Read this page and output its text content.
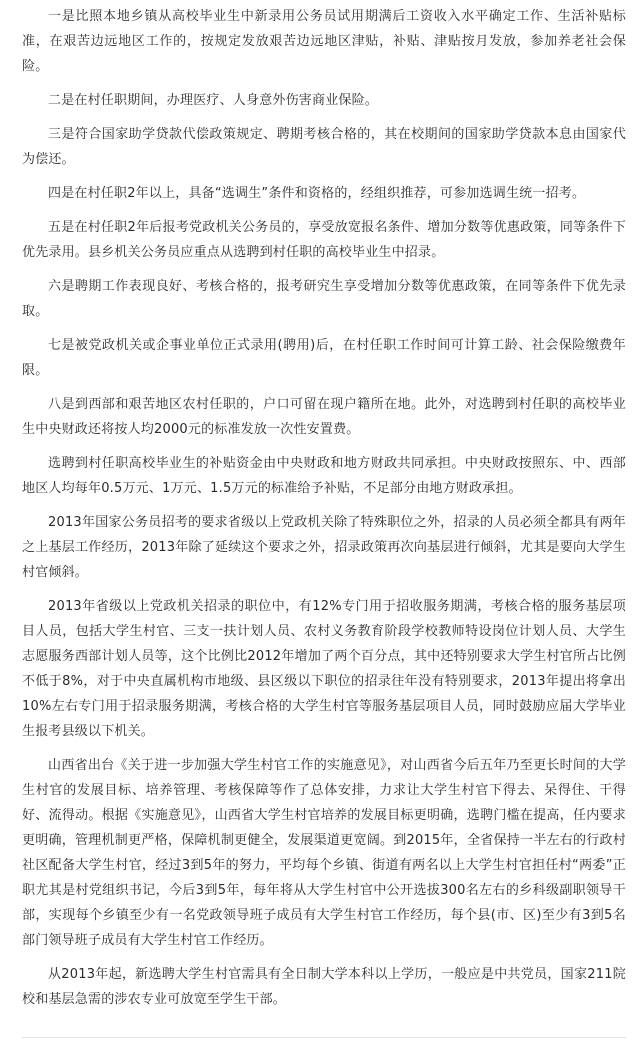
一是比照本地乡镇从高校毕业生中新录用公务员试用期满后工资收入水平确定工作、生活补贴标准，在艰苦边远地区工作的，按规定发放艰苦边远地区津贴，补贴、津贴按月发放，参加养老社会保险。

二是在村任职期间，办理医疗、人身意外伤害商业保险。

三是符合国家助学贷款代偿政策规定、聘期考核合格的，其在校期间的国家助学贷款本息由国家代为偿还。

四是在村任职2年以上，具备“选调生”条件和资格的，经组织推荐，可参加选调生统一招考。

五是在村任职2年后报考党政机关公务员的，享受放宽报名条件、增加分数等优惠政策，同等条件下优先录用。县乡机关公务员应重点从选聘到村任职的高校毕业生中招录。

六是聘期工作表现良好、考核合格的，报考研究生享受增加分数等优惠政策，在同等条件下优先录取。

七是被党政机关或企事业单位正式录用(聘用)后，在村任职工作时间可计算工龄、社会保险缴费年限。

八是到西部和艰苦地区农村任职的，户口可留在现户籍所在地。此外，对选聘到村任职的高校毕业生中央财政还将按人均2000元的标准发放一次性安置费。

选聘到村任职高校毕业生的补贴资金由中央财政和地方财政共同承担。中央财政按照东、中、西部地区人均每年0.5万元、1万元、1.5万元的标准给予补贴，不足部分由地方财政承担。

2013年国家公务员招考的要求省级以上党政机关除了特殊职位之外，招录的人员必须全都具有两年之上基层工作经历，2013年除了延续这个要求之外，招录政策再次向基层进行倾斜，尤其是要向大学生村官倾斜。

2013年省级以上党政机关招录的职位中，有12%专门用于招收服务期满，考核合格的服务基层项目人员，包括大学生村官、三支一扶计划人员、农村义务教育阶段学校教师特设岗位计划人员、大学生志愿服务西部计划人员等，这个比例比2012年增加了两个百分点，其中还特别要求大学生村官所占比例不低于8%，对于中央直属机构市地级、县区级以下职位的招录往年没有特别要求，2013年提出将拿出10%左右专门用于招录服务期满，考核合格的大学生村官等服务基层项目人员，同时鼓励应届大学毕业生报考县级以下机关。

山西省出台《关于进一步加强大学生村官工作的实施意见》，对山西省今后五年乃至更长时间的大学生村官的发展目标、培养管理、考核保障等作了总体安排，力求让大学生村官下得去、呆得住、干得好、流得动。根据《实施意见》，山西省大学生村官培养的发展目标更明确，选聘门槛在提高，任内要求更明确，管理机制更严格，保障机制更健全，发展渠道更宽阔。到2015年，全省保持一半左右的行政村社区配备大学生村官，经过3到5年的努力，平均每个乡镇、街道有两名以上大学生村官担任村“两委”正职尤其是村党组织书记，今后3到5年，每年将从大学生村官中公开选拔300名左右的乡科级副职领导干部，实现每个乡镇至少有一名党政领导班子成员有大学生村官工作经历，每个县(市、区)至少有3到5名部门领导班子成员有大学生村官工作经历。

从2013年起，新选聘大学生村官需具有全日制大学本科以上学历，一般应是中共党员，国家211院校和基层急需的涉农专业可放宽至学生干部。
